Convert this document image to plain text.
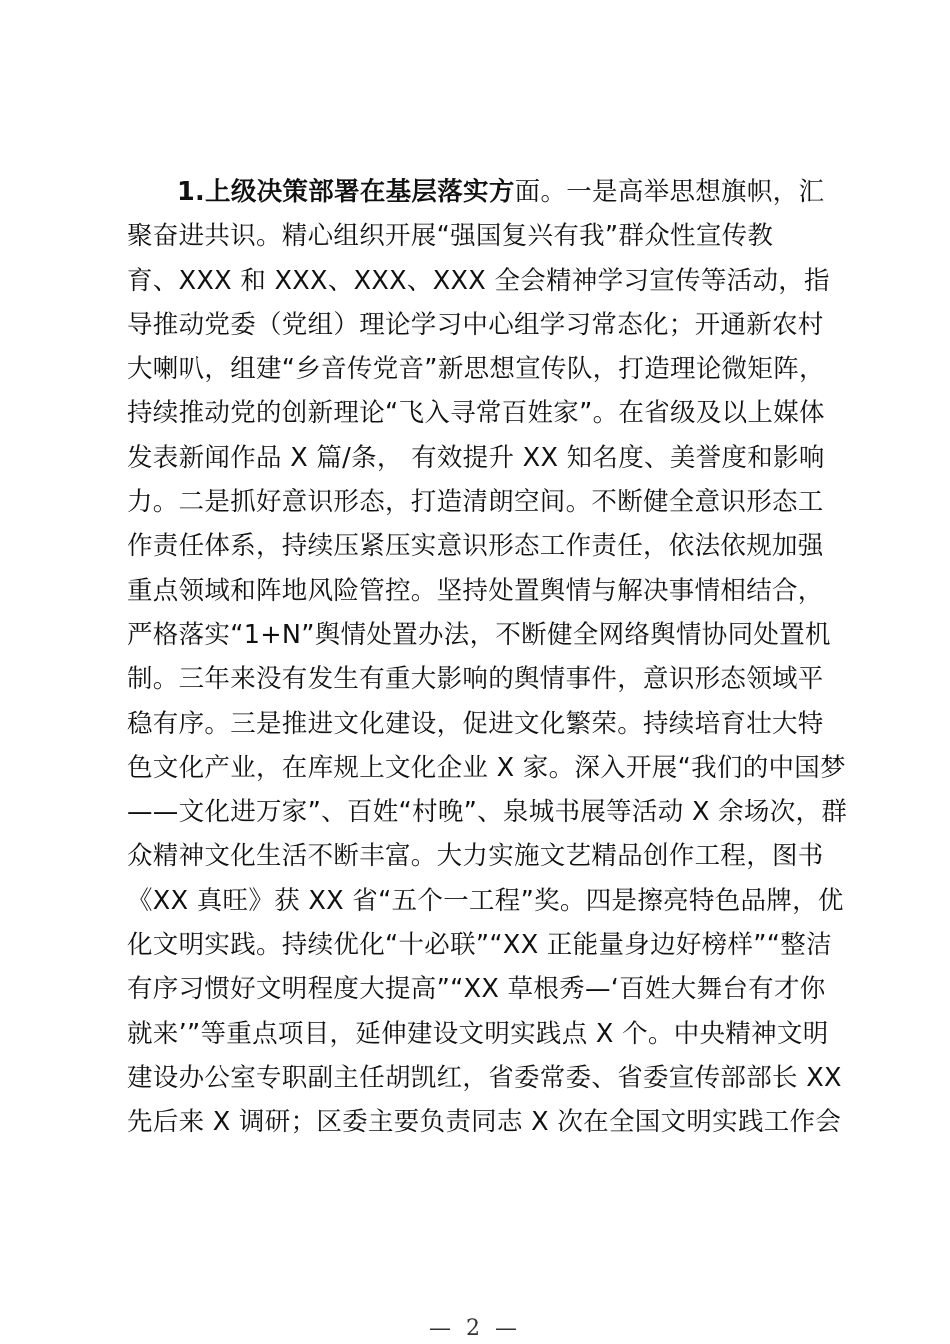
1.上级决策部署在基层落实方面。一是高举思想旗帜，汇
聚奋进共识。精心组织开展“强国复兴有我”群众性宣传教
育、XXX 和 XXX、XXX、XXX 全会精神学习宣传等活动，指
导推动党委（党组）理论学习中心组学习常态化；开通新农村
大喇叭，组建“乡音传党音”新思想宣传队，打造理论微矩阵，
持续推动党的创新理论“飞入寻常百姓家”。在省级及以上媒体
发表新闻作品 X 篇/条， 有效提升 XX 知名度、美誉度和影响
力。二是抓好意识形态，打造清朗空间。不断健全意识形态工
作责任体系，持续压紧压实意识形态工作责任，依法依规加强
重点领域和阵地风险管控。坚持处置舆情与解决事情相结合，
严格落实“1+N”舆情处置办法，不断健全网络舆情协同处置机
制。三年来没有发生有重大影响的舆情事件，意识形态领域平
稳有序。三是推进文化建设，促进文化繁荣。持续培育壮大特
色文化产业，在库规上文化企业 X 家。深入开展“我们的中国梦
——文化进万家”、百姓“村晚”、泉城书展等活动 X 余场次，群
众精神文化生活不断丰富。大力实施文艺精品创作工程，图书
《XX 真旺》获 XX 省“五个一工程”奖。四是擦亮特色品牌，优
化文明实践。持续优化“十必联”“XX 正能量身边好榜样”“整洁
有序习惯好文明程度大提高”“XX 草根秀—‘百姓大舞台有才你
就来’”等重点项目，延伸建设文明实践点 X 个。中央精神文明
建设办公室专职副主任胡凯红，省委常委、省委宣传部部长 XX
先后来 X 调研；区委主要负责同志 X 次在全国文明实践工作会
— 2 —
